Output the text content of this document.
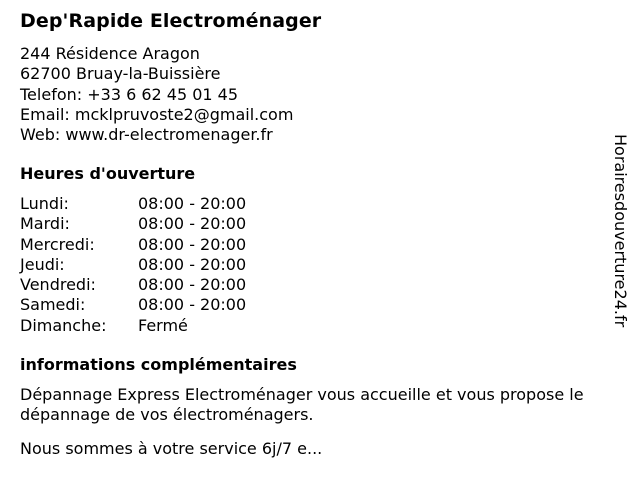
Dep'Rapide Electroménager
244 Résidence Aragon
62700 Bruay-la-Buissière
Telefon: +33 6 62 45 01 45
Email: mcklpruvoste2@gmail.com
Web: www.dr-electromenager.fr
Heures d'ouverture
Lundi:	08:00 - 20:00
Mardi:	08:00 - 20:00
Mercredi:	08:00 - 20:00
Jeudi:	08:00 - 20:00
Vendredi:	08:00 - 20:00
Samedi:	08:00 - 20:00
Dimanche:	Fermé
informations complémentaires
Dépannage Express Electroménager vous accueille et vous propose le dépannage de vos électroménagers.
Nous sommes à votre service 6j/7 e...
Horairesdouverture24.fr
